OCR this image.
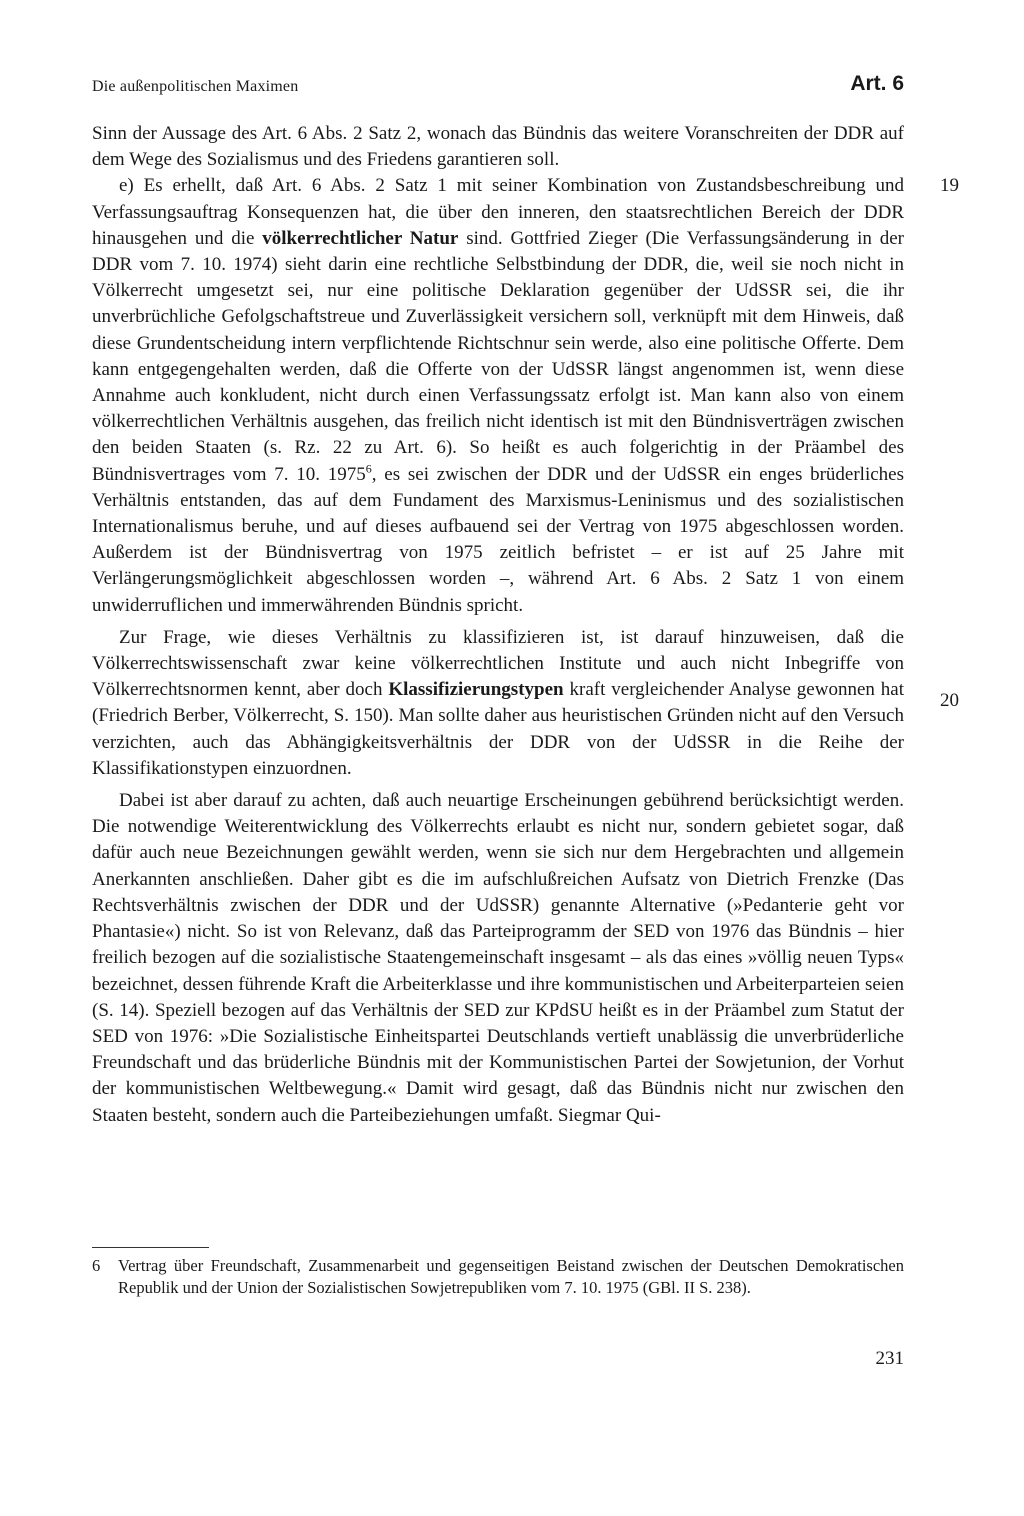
Die außenpolitischen Maximen	Art. 6
19
20

Sinn der Aussage des Art. 6 Abs. 2 Satz 2, wonach das Bündnis das weitere Voranschreiten der DDR auf dem Wege des Sozialismus und des Friedens garantieren soll.

e) Es erhellt, daß Art. 6 Abs. 2 Satz 1 mit seiner Kombination von Zustandsbeschreibung und Verfassungsauftrag Konsequenzen hat, die über den inneren, den staatsrechtlichen Bereich der DDR hinausgehen und die völkerrechtlicher Natur sind. Gottfried Zieger (Die Verfassungsänderung in der DDR vom 7. 10. 1974) sieht darin eine rechtliche Selbstbindung der DDR, die, weil sie noch nicht in Völkerrecht umgesetzt sei, nur eine politische Deklaration gegenüber der UdSSR sei, die ihr unverbrüchliche Gefolgschaftstreue und Zuverlässigkeit versichern soll, verknüpft mit dem Hinweis, daß diese Grundentscheidung intern verpflichtende Richtschnur sein werde, also eine politische Offerte. Dem kann entgegengehalten werden, daß die Offerte von der UdSSR längst angenommen ist, wenn diese Annahme auch konkludent, nicht durch einen Verfassungssatz erfolgt ist. Man kann also von einem völkerrechtlichen Verhältnis ausgehen, das freilich nicht identisch ist mit den Bündnisverträgen zwischen den beiden Staaten (s. Rz. 22 zu Art. 6). So heißt es auch folgerichtig in der Präambel des Bündnisvertrages vom 7. 10. 1975$^6$, es sei zwischen der DDR und der UdSSR ein enges brüderliches Verhältnis entstanden, das auf dem Fundament des Marxismus-Leninismus und des sozialistischen Internationalismus beruhe, und auf dieses aufbauend sei der Vertrag von 1975 abgeschlossen worden. Außerdem ist der Bündnisvertrag von 1975 zeitlich befristet – er ist auf 25 Jahre mit Verlängerungsmöglichkeit abgeschlossen worden –, während Art. 6 Abs. 2 Satz 1 von einem unwiderruflichen und immerwährenden Bündnis spricht.

Zur Frage, wie dieses Verhältnis zu klassifizieren ist, ist darauf hinzuweisen, daß die Völkerrechtswissenschaft zwar keine völkerrechtlichen Institute und auch nicht Inbegriffe von Völkerrechtsnormen kennt, aber doch Klassifizierungstypen kraft vergleichender Analyse gewonnen hat (Friedrich Berber, Völkerrecht, S. 150). Man sollte daher aus heuristischen Gründen nicht auf den Versuch verzichten, auch das Abhängigkeitsverhältnis der DDR von der UdSSR in die Reihe der Klassifikationstypen einzuordnen.

Dabei ist aber darauf zu achten, daß auch neuartige Erscheinungen gebührend berücksichtigt werden. Die notwendige Weiterentwicklung des Völkerrechts erlaubt es nicht nur, sondern gebietet sogar, daß dafür auch neue Bezeichnungen gewählt werden, wenn sie sich nur dem Hergebrachten und allgemein Anerkannten anschließen. Daher gibt es die im aufschlußreichen Aufsatz von Dietrich Frenzke (Das Rechtsverhältnis zwischen der DDR und der UdSSR) genannte Alternative (»Pedanterie geht vor Phantasie«) nicht. So ist von Relevanz, daß das Parteiprogramm der SED von 1976 das Bündnis – hier freilich bezogen auf die sozialistische Staatengemeinschaft insgesamt – als das eines »völlig neuen Typs« bezeichnet, dessen führende Kraft die Arbeiterklasse und ihre kommunistischen und Arbeiterparteien seien (S. 14). Speziell bezogen auf das Verhältnis der SED zur KPdSU heißt es in der Präambel zum Statut der SED von 1976: »Die Sozialistische Einheitspartei Deutschlands vertieft unablässig die unverbrüderliche Freundschaft und das brüderliche Bündnis mit der Kommunistischen Partei der Sowjetunion, der Vorhut der kommunistischen Weltbewegung.« Damit wird gesagt, daß das Bündnis nicht nur zwischen den Staaten besteht, sondern auch die Parteibeziehungen umfaßt. Siegmar Qui-

6 Vertrag über Freundschaft, Zusammenarbeit und gegenseitigen Beistand zwischen der Deutschen Demokratischen Republik und der Union der Sozialistischen Sowjetrepubliken vom 7. 10. 1975 (GBl. II S. 238).
231
